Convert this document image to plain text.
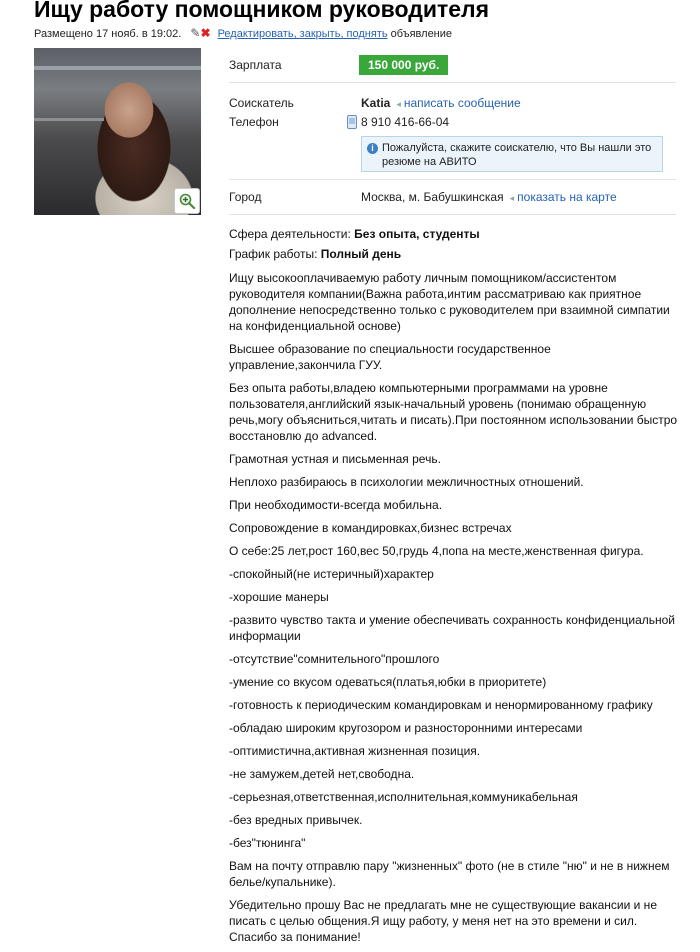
Ищу работу помощником руководителя
Размещено 17 нояб. в 19:02. ✎✖ Редактировать, закрыть, поднять объявление
Зарплата	150 000 руб.
Соискатель	Katia ◂ написать сообщение
Телефон	8 910 416-66-04
i Пожалуйста, скажите соискателю, что Вы нашли это резюме на АВИТО
Город	Москва, м. Бабушкинская ◂ показать на карте
Сфера деятельности: Без опыта, студенты
График работы: Полный день

Ищу высокооплачиваемую работу личным помощником/ассистентом руководителя компании(Важна работа,интим рассматриваю как приятное дополнение непосредственно только с руководителем при взаимной симпатии на конфиденциальной основе)

Высшее образование по специальности государственное управление,закончила ГУУ.

Без опыта работы,владею компьютерными программами на уровне пользователя,английский язык-начальный уровень (понимаю обращенную речь,могу объясниться,читать и писать).При постоянном использовании быстро восстановлю до advanced.

Грамотная устная и письменная речь.

Неплохо разбираюсь в психологии межличностных отношений.

При необходимости-всегда мобильна.

Сопровождение в командировках,бизнес встречах

О себе:25 лет,рост 160,вес 50,грудь 4,попа на месте,женственная фигура.

-спокойный(не истеричный)характер

-хорошие манеры

-развито чувство такта и умение обеспечивать сохранность конфиденциальной информации

-отсутствие"сомнительного"прошлого

-умение со вкусом одеваться(платья,юбки в приоритете)

-готовность к периодическим командировкам и ненормированному графику

-обладаю широким кругозором и разносторонними интересами

-оптимистична,активная жизненная позиция.

-не замужем,детей нет,свободна.

-серьезная,ответственная,исполнительная,коммуникабельная

-без вредных привычек.

-без"тюнинга"

Вам на почту отправлю пару "жизненных" фото (не в стиле "ню" и не в нижнем белье/купальнике).

Убедительно прошу Вас не предлагать мне не существующие вакансии и не писать с целью общения.Я ищу работу, у меня нет на это времени и сил. Спасибо за понимание!
